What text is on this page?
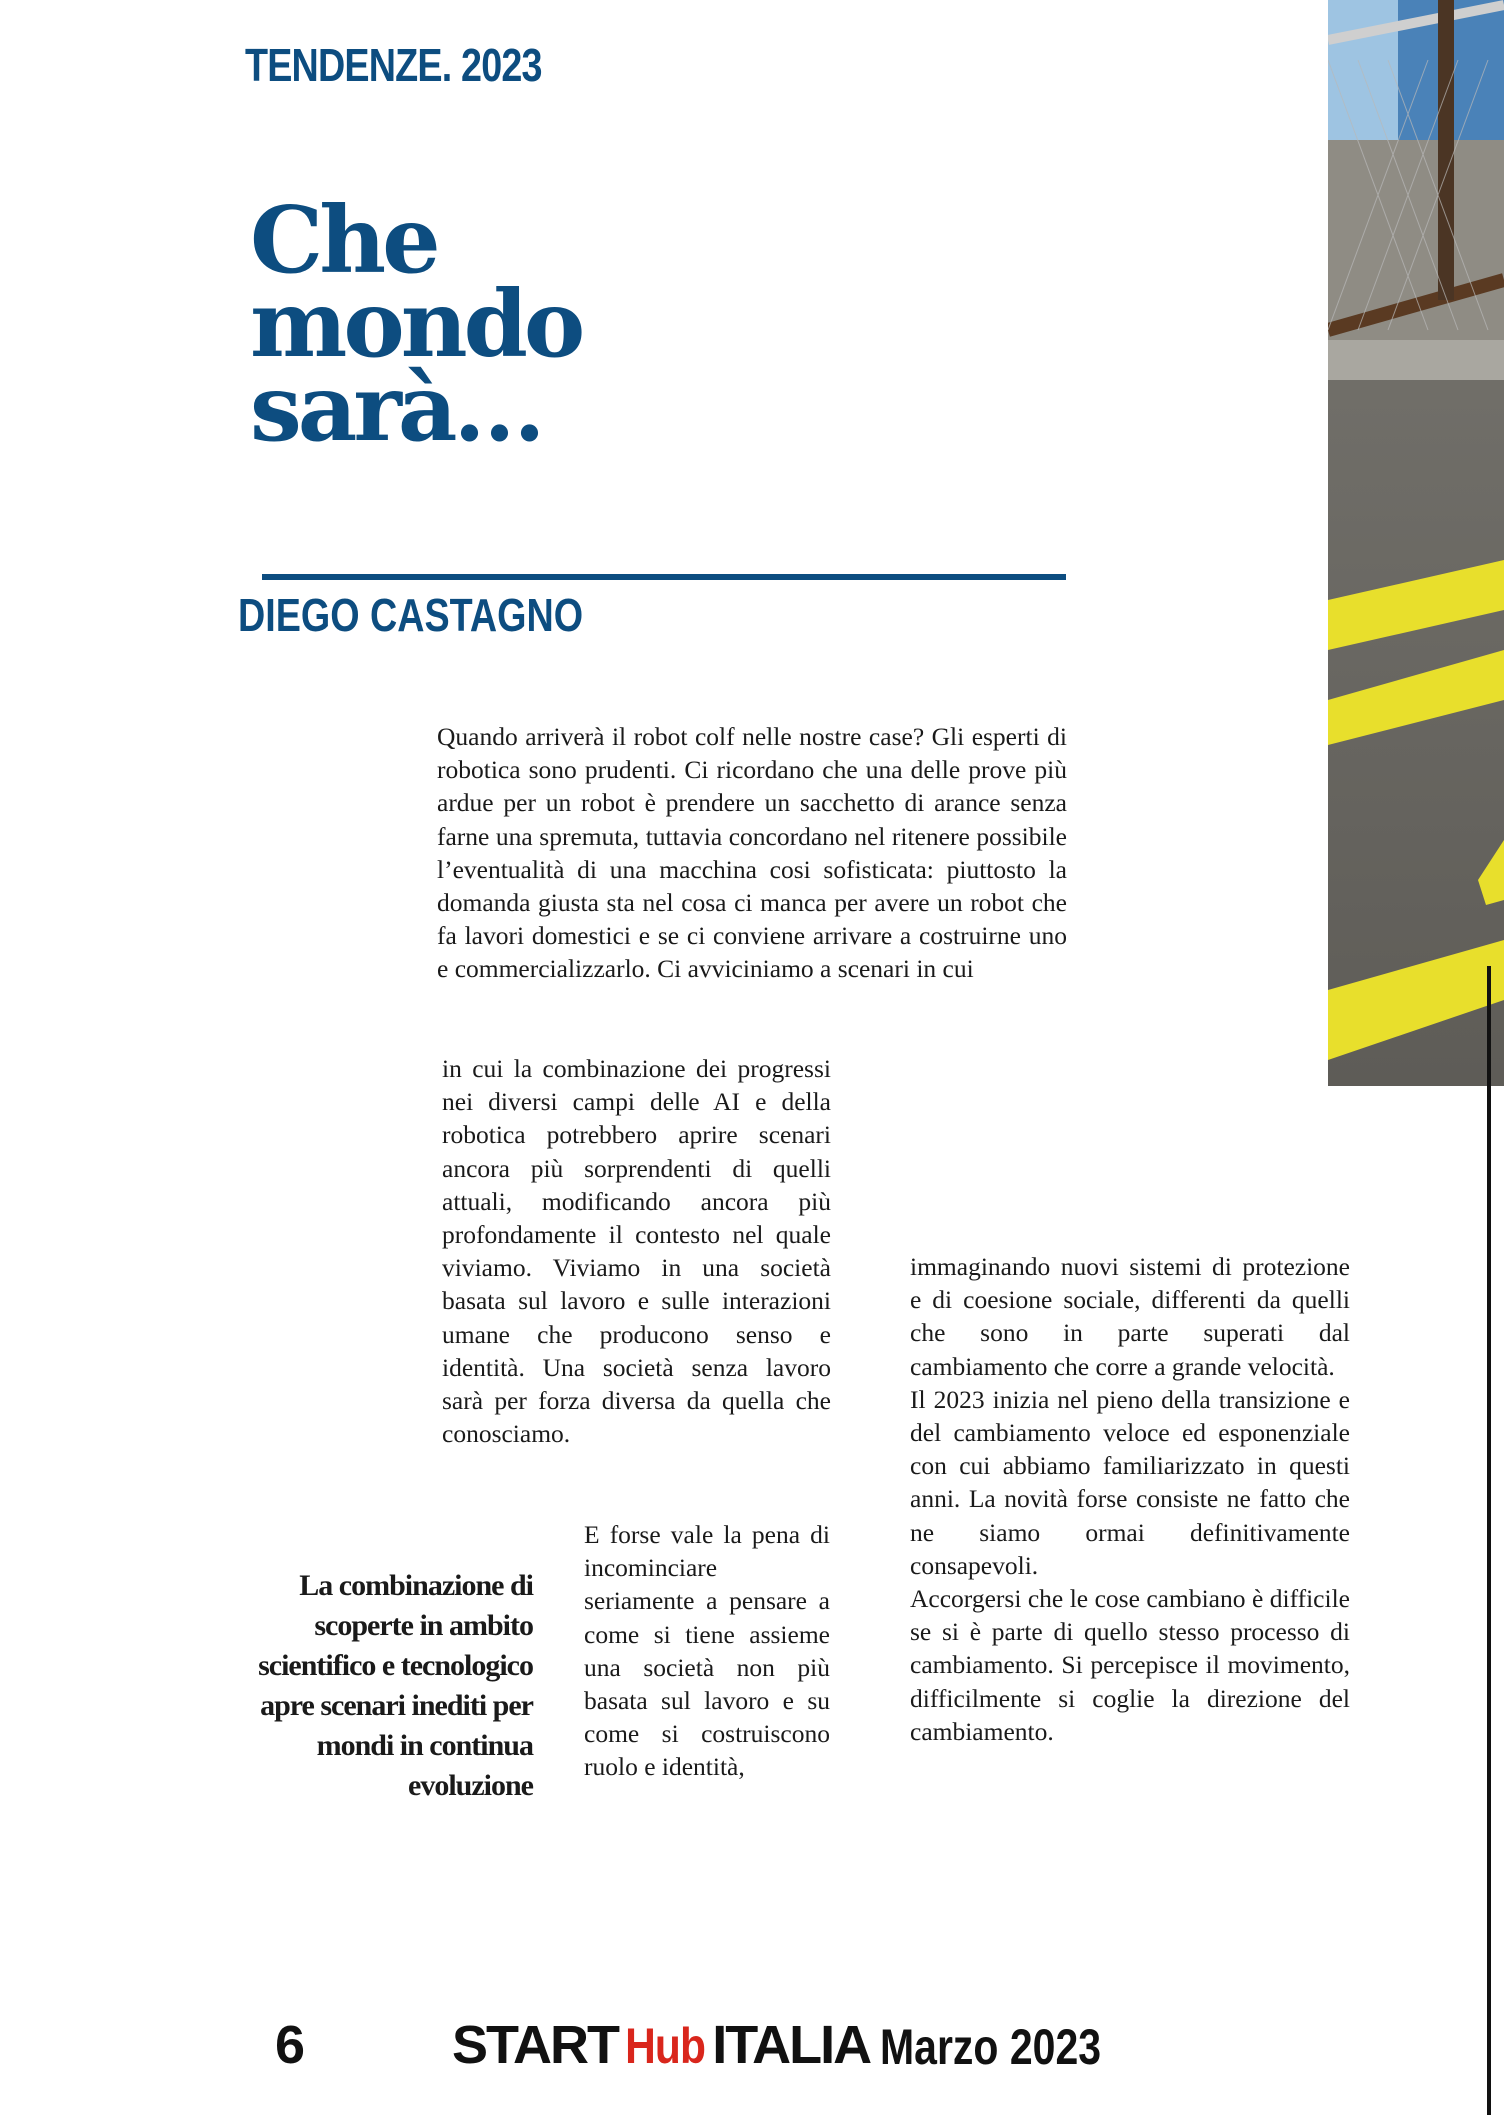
TENDENZE. 2023
Che
mondo
sarà…
DIEGO CASTAGNO
Quando arriverà il robot colf nelle nostre case? Gli esperti di robotica sono prudenti. Ci ricordano che una delle prove più ardue per un robot è prendere un sacchetto di arance senza farne una spremuta, tuttavia concordano nel ritenere possibile l’eventualità di una macchina cosi sofisticata: piuttosto la domanda giusta sta nel cosa ci manca per avere un robot che fa lavori domestici e se ci conviene arrivare a costruirne uno e commercializzarlo. Ci avviciniamo a scenari in cui
in cui la combinazione dei progressi nei diversi campi delle AI e della robotica potrebbero aprire scenari ancora più sorprendenti di quelli attuali, modificando ancora più profondamente il contesto nel quale viviamo. Viviamo in una società basata sul lavoro e sulle interazioni umane che producono senso e identità. Una società senza lavoro sarà per forza diversa da quella che conosciamo.
E forse vale la pena di incominciare seriamente a pensare a come si tiene assieme una società non più basata sul lavoro e su come si costruiscono ruolo e identità,

immaginando nuovi sistemi di protezione e di coesione sociale, differenti da quelli che sono in parte superati dal cambiamento che corre a grande velocità.

Il 2023 inizia nel pieno della transizione e del cambiamento veloce ed esponenziale con cui abbiamo familiarizzato in questi anni. La novità forse consiste ne fatto che ne siamo ormai definitivamente consapevoli.

Accorgersi che le cose cambiano è difficile se si è parte di quello stesso processo di cambiamento. Si percepisce il movimento, difficilmente si coglie la direzione del cambiamento.

La combinazione di scoperte in ambito scientifico e tecnologico apre scenari inediti per mondi in continua evoluzione
6	START Hub ITALIA Marzo 2023
